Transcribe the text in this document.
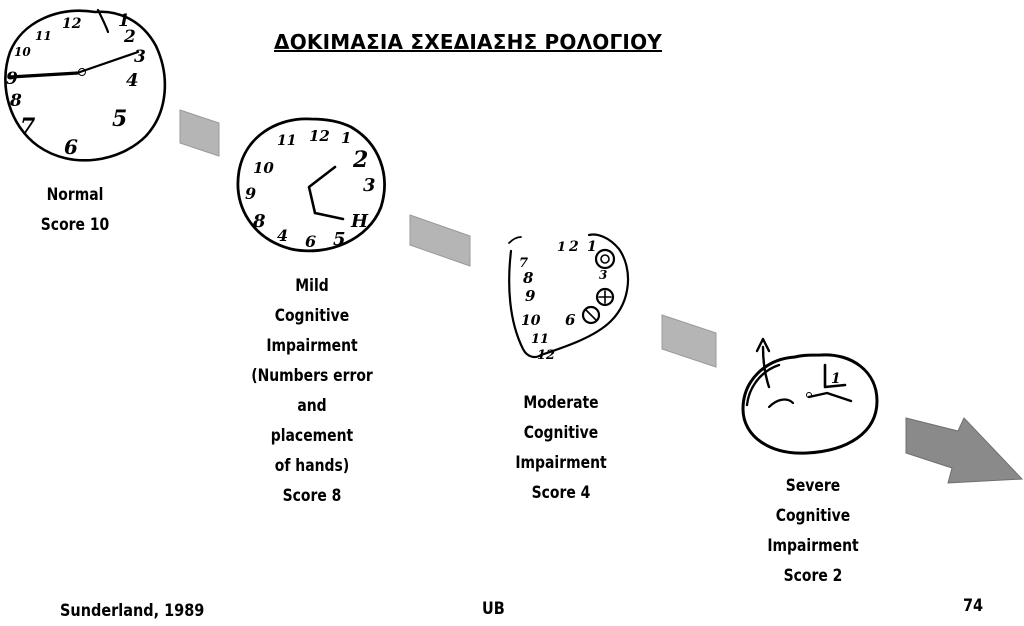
ΔΟΚΙΜΑΣΙΑ ΣΧΕΔΙΑΣΗΣ ΡΟΛΟΓΙΟΥ
11
12 1
2
3
10
9
8
7
6
5
4
11 12 1
2
10
9	3
8
4 6 5
H
1 2 1
7
8
9
10
11
12
3
6
1
Normal
Score 10
Mild
Cognitive
Impairment
(Numbers error
and
placement
of hands)
Score 8
Moderate
Cognitive
Impairment
Score 4	Severe
Cognitive
Impairment
Score 2
Sunderland, 1989	UB	74
